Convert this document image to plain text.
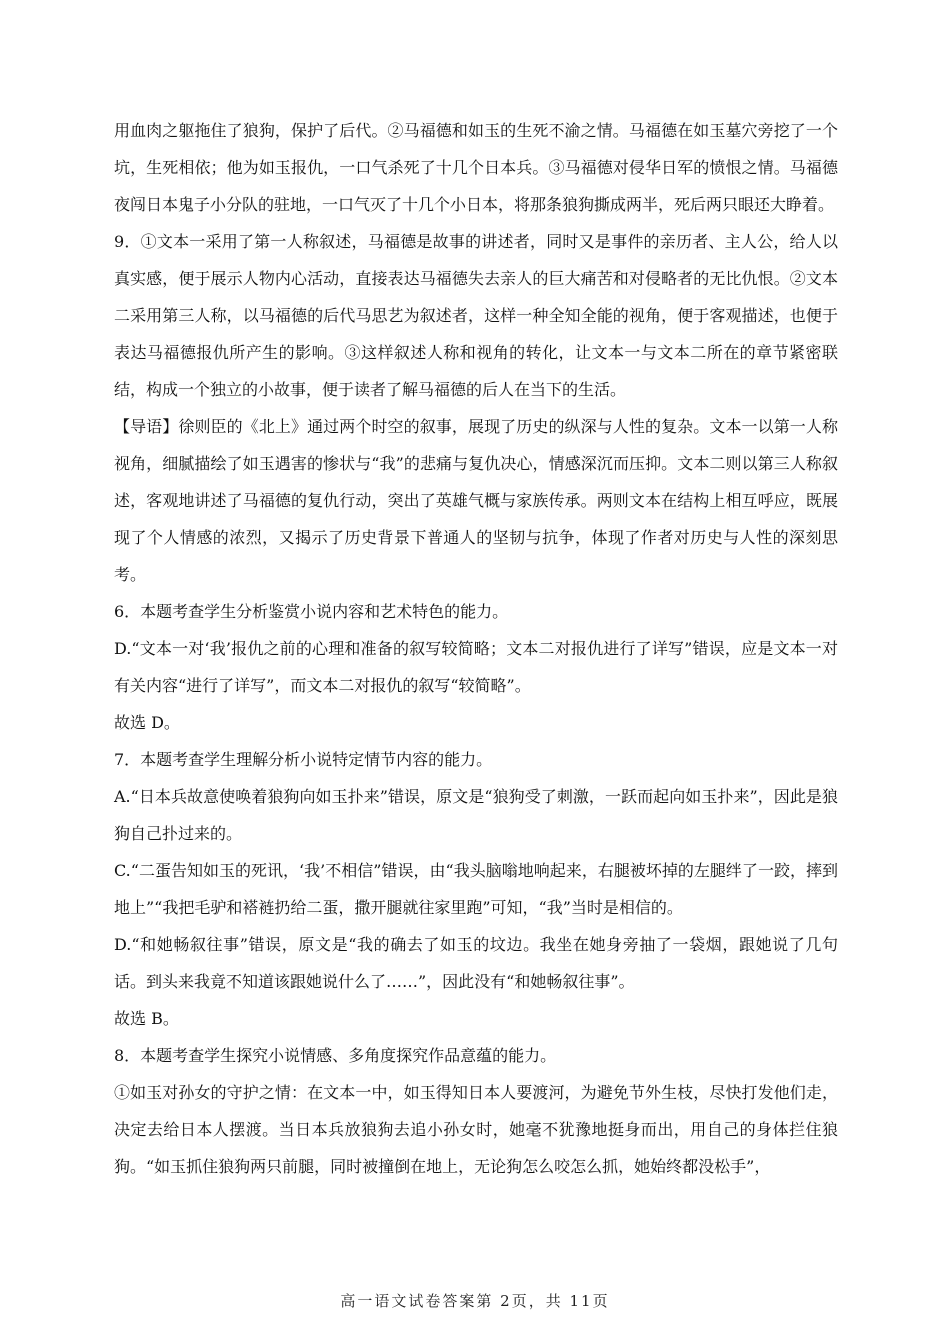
用血肉之躯拖住了狼狗，保护了后代。②马福德和如玉的生死不渝之情。马福德在如玉墓穴旁挖了一个坑，生死相依；他为如玉报仇，一口气杀死了十几个日本兵。③马福德对侵华日军的愤恨之情。马福德夜闯日本鬼子小分队的驻地，一口气灭了十几个小日本，将那条狼狗撕成两半，死后两只眼还大睁着。

9．①文本一采用了第一人称叙述，马福德是故事的讲述者，同时又是事件的亲历者、主人公，给人以真实感，便于展示人物内心活动，直接表达马福德失去亲人的巨大痛苦和对侵略者的无比仇恨。②文本二采用第三人称，以马福德的后代马思艺为叙述者，这样一种全知全能的视角，便于客观描述，也便于表达马福德报仇所产生的影响。③这样叙述人称和视角的转化，让文本一与文本二所在的章节紧密联结，构成一个独立的小故事，便于读者了解马福德的后人在当下的生活。

【导语】徐则臣的《北上》通过两个时空的叙事，展现了历史的纵深与人性的复杂。文本一以第一人称视角，细腻描绘了如玉遇害的惨状与“我”的悲痛与复仇决心，情感深沉而压抑。文本二则以第三人称叙述，客观地讲述了马福德的复仇行动，突出了英雄气概与家族传承。两则文本在结构上相互呼应，既展现了个人情感的浓烈，又揭示了历史背景下普通人的坚韧与抗争，体现了作者对历史与人性的深刻思考。

6．本题考查学生分析鉴赏小说内容和艺术特色的能力。

D.“文本一对‘我’报仇之前的心理和准备的叙写较简略；文本二对报仇进行了详写”错误，应是文本一对有关内容“进行了详写”，而文本二对报仇的叙写“较简略”。

故选 D。

7．本题考查学生理解分析小说特定情节内容的能力。

A.“日本兵故意使唤着狼狗向如玉扑来”错误，原文是“狼狗受了刺激，一跃而起向如玉扑来”，因此是狼狗自己扑过来的。

C.“二蛋告知如玉的死讯，‘我’不相信”错误，由“我头脑嗡地响起来，右腿被坏掉的左腿绊了一跤，摔到地上”“我把毛驴和褡裢扔给二蛋，撒开腿就往家里跑”可知，“我”当时是相信的。

D.“和她畅叙往事”错误，原文是“我的确去了如玉的坟边。我坐在她身旁抽了一袋烟，跟她说了几句话。到头来我竟不知道该跟她说什么了……”，因此没有“和她畅叙往事”。

故选 B。

8．本题考查学生探究小说情感、多角度探究作品意蕴的能力。

①如玉对孙女的守护之情：在文本一中，如玉得知日本人要渡河，为避免节外生枝，尽快打发他们走，决定去给日本人摆渡。当日本兵放狼狗去追小孙女时，她毫不犹豫地挺身而出，用自己的身体拦住狼狗。“如玉抓住狼狗两只前腿，同时被撞倒在地上，无论狗怎么咬怎么抓，她始终都没松手”，

高一语文试卷答案第 2页，共 11页
